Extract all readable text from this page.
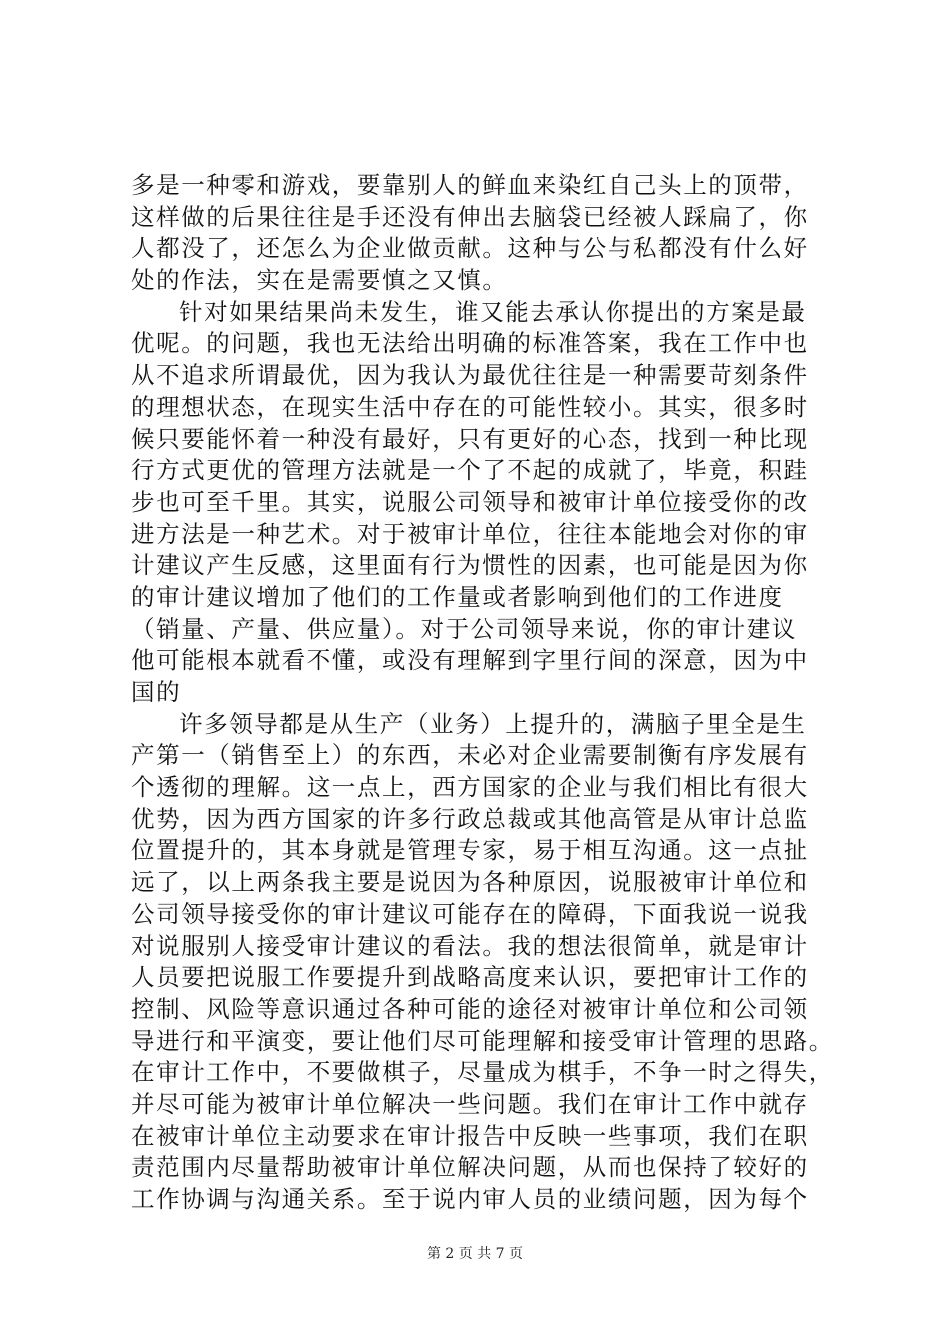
多是一种零和游戏，要靠别人的鲜血来染红自己头上的顶带，
这样做的后果往往是手还没有伸出去脑袋已经被人踩扁了，你
人都没了，还怎么为企业做贡献。这种与公与私都没有什么好
处的作法，实在是需要慎之又慎。
针对如果结果尚未发生，谁又能去承认你提出的方案是最
优呢。的问题，我也无法给出明确的标准答案，我在工作中也
从不追求所谓最优，因为我认为最优往往是一种需要苛刻条件
的理想状态，在现实生活中存在的可能性较小。其实，很多时
候只要能怀着一种没有最好，只有更好的心态，找到一种比现
行方式更优的管理方法就是一个了不起的成就了，毕竟，积跬
步也可至千里。其实，说服公司领导和被审计单位接受你的改
进方法是一种艺术。对于被审计单位，往往本能地会对你的审
计建议产生反感，这里面有行为惯性的因素，也可能是因为你
的审计建议增加了他们的工作量或者影响到他们的工作进度
（销量、产量、供应量）。对于公司领导来说，你的审计建议
他可能根本就看不懂，或没有理解到字里行间的深意，因为中
国的
许多领导都是从生产（业务）上提升的，满脑子里全是生
产第一（销售至上）的东西，未必对企业需要制衡有序发展有
个透彻的理解。这一点上，西方国家的企业与我们相比有很大
优势，因为西方国家的许多行政总裁或其他高管是从审计总监
位置提升的，其本身就是管理专家，易于相互沟通。这一点扯
远了，以上两条我主要是说因为各种原因，说服被审计单位和
公司领导接受你的审计建议可能存在的障碍，下面我说一说我
对说服别人接受审计建议的看法。我的想法很简单，就是审计
人员要把说服工作要提升到战略高度来认识，要把审计工作的
控制、风险等意识通过各种可能的途径对被审计单位和公司领
导进行和平演变，要让他们尽可能理解和接受审计管理的思路。
在审计工作中，不要做棋子，尽量成为棋手，不争一时之得失，
并尽可能为被审计单位解决一些问题。我们在审计工作中就存
在被审计单位主动要求在审计报告中反映一些事项，我们在职
责范围内尽量帮助被审计单位解决问题，从而也保持了较好的
工作协调与沟通关系。至于说内审人员的业绩问题，因为每个
第 2 页 共 7 页
